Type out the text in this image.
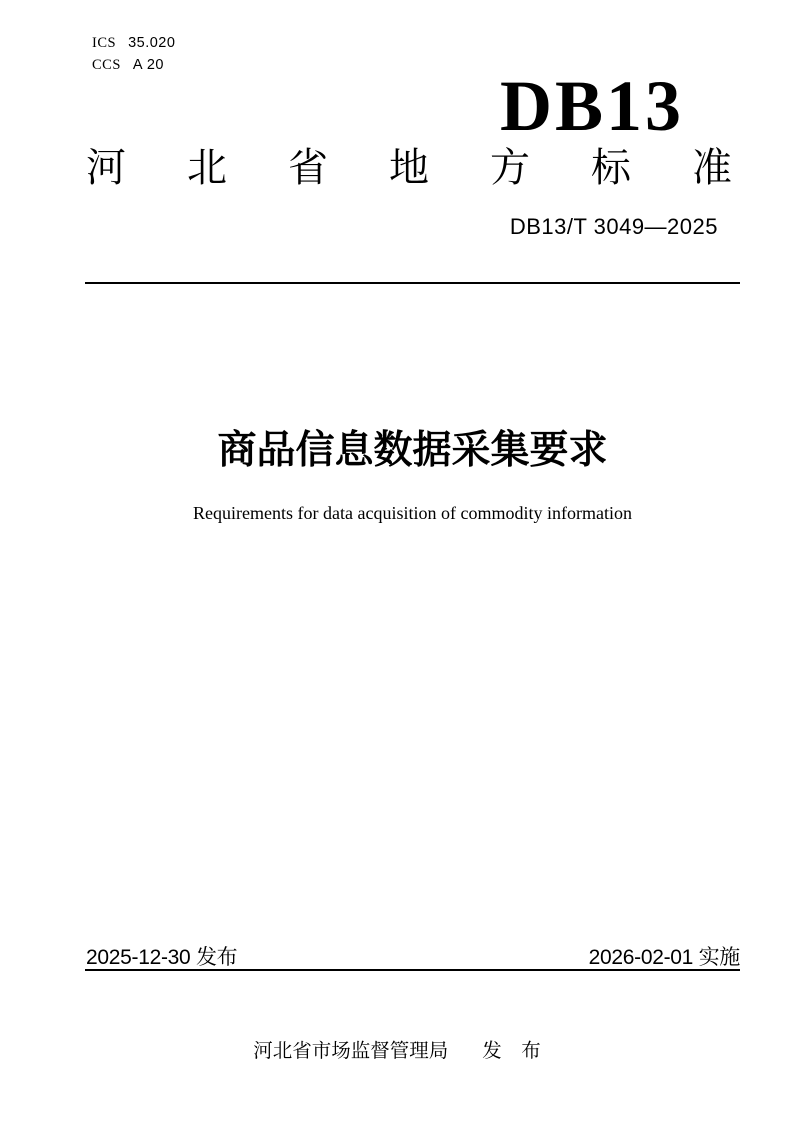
ICS 35.020
CCS A 20
DB13
河 北 省 地 方 标 准
DB13/T 3049—2025
商品信息数据采集要求
Requirements for data acquisition of commodity information
2025-12-30 发布	2026-02-01 实施
河北省市场监督管理局 发　布
